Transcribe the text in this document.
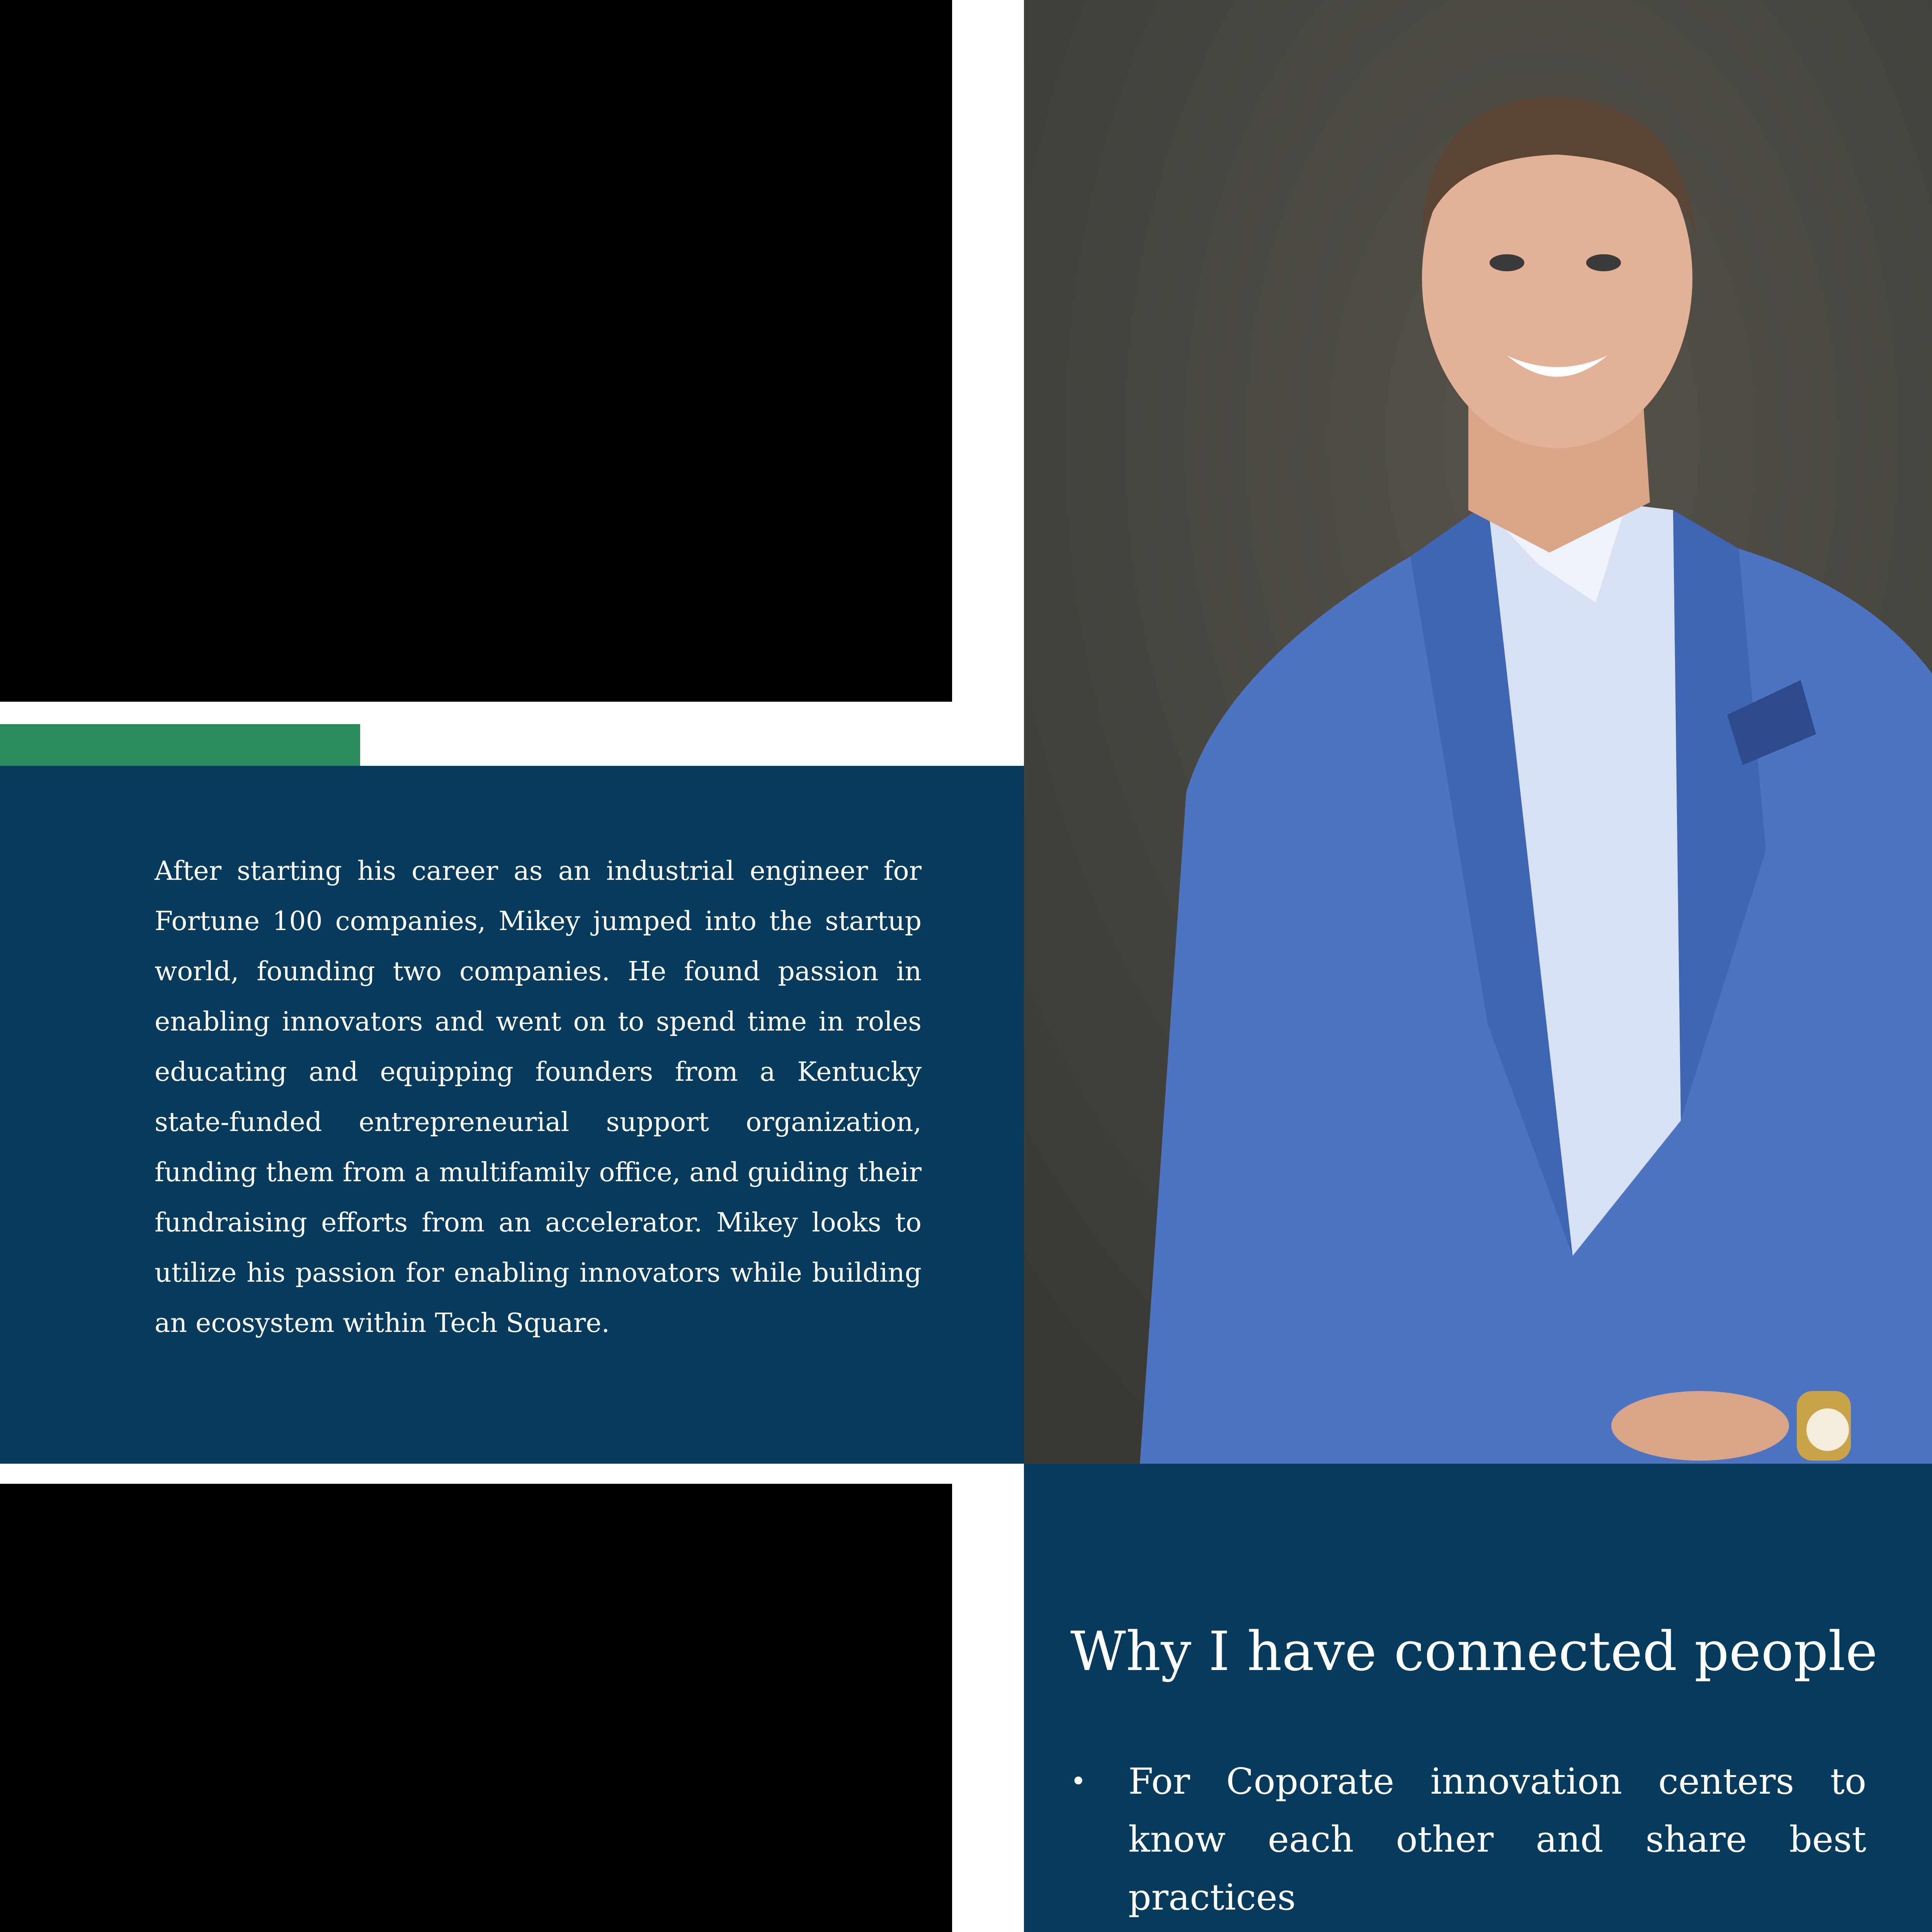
After starting his career as an industrial engineer for Fortune 100 companies, Mikey jumped into the startup world, founding two companies. He found passion in enabling innovators and went on to spend time in roles educating and equipping founders from a Kentucky state-funded entrepreneurial support organization, funding them from a multifamily office, and guiding their fundraising efforts from an accelerator. Mikey looks to utilize his passion for enabling innovators while building an ecosystem within Tech Square.
Why I have connected people
• For Coporate innovation centers to know each other and share best practices
•
